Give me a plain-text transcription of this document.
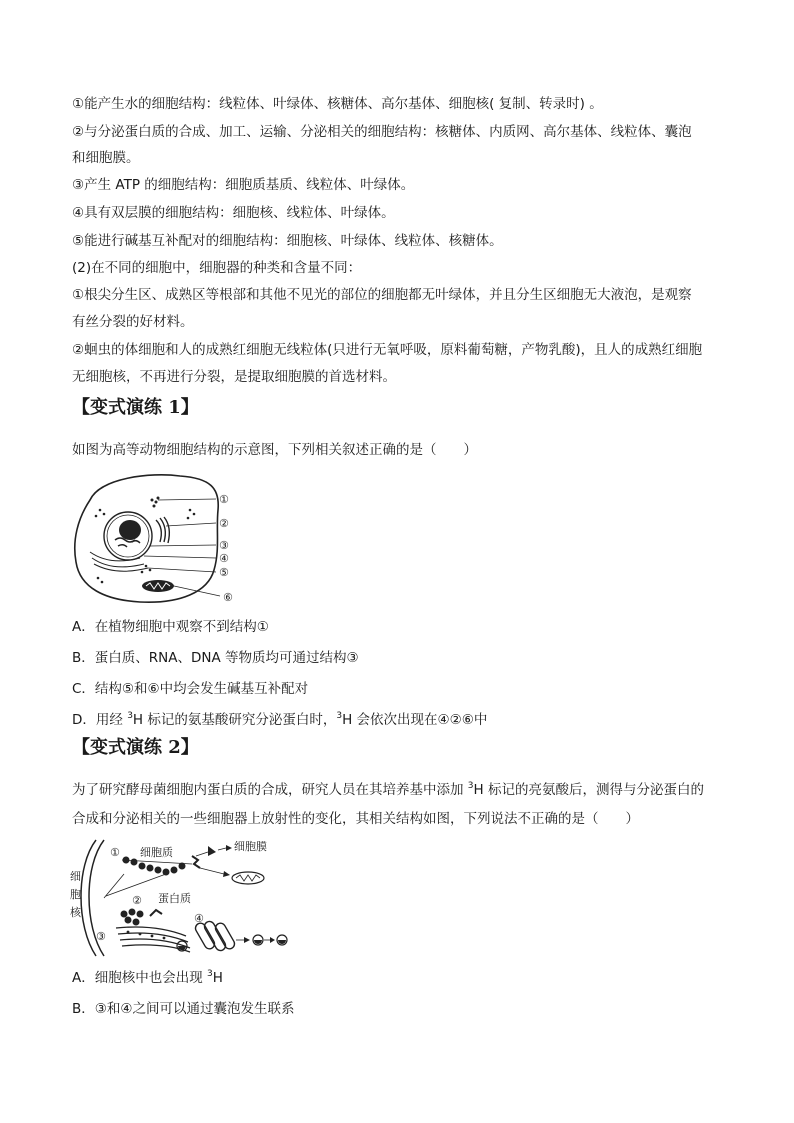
①能产生水的细胞结构：线粒体、叶绿体、核糖体、高尔基体、细胞核( 复制、转录时) 。
②与分泌蛋白质的合成、加工、运输、分泌相关的细胞结构：核糖体、内质网、高尔基体、线粒体、囊泡
和细胞膜。
③产生 ATP 的细胞结构：细胞质基质、线粒体、叶绿体。
④具有双层膜的细胞结构：细胞核、线粒体、叶绿体。
⑤能进行碱基互补配对的细胞结构：细胞核、叶绿体、线粒体、核糖体。
(2)在不同的细胞中，细胞器的种类和含量不同：
①根尖分生区、成熟区等根部和其他不见光的部位的细胞都无叶绿体，并且分生区细胞无大液泡，是观察
有丝分裂的好材料。
②蛔虫的体细胞和人的成熟红细胞无线粒体(只进行无氧呼吸，原料葡萄糖，产物乳酸)，且人的成熟红细胞
无细胞核，不再进行分裂，是提取细胞膜的首选材料。
【变式演练 1】
如图为高等动物细胞结构的示意图，下列相关叙述正确的是（　　）
①
②
③
④
⑤
⑥
A．在植物细胞中观察不到结构①
B．蛋白质、RNA、DNA 等物质均可通过结构③
C．结构⑤和⑥中均会发生碱基互补配对
D．用经 $^3$H 标记的氨基酸研究分泌蛋白时，$^3$H 会依次出现在④②⑥中
【变式演练 2】
为了研究酵母菌细胞内蛋白质的合成，研究人员在其培养基中添加 $^3$H 标记的亮氨酸后，测得与分泌蛋白的
合成和分泌相关的一些细胞器上放射性的变化，其相关结构如图，下列说法不正确的是（　　）
细胞核
① 细胞质	细胞膜
② 蛋白质
③
④
A．细胞核中也会出现 $^3$H
B．③和④之间可以通过囊泡发生联系
